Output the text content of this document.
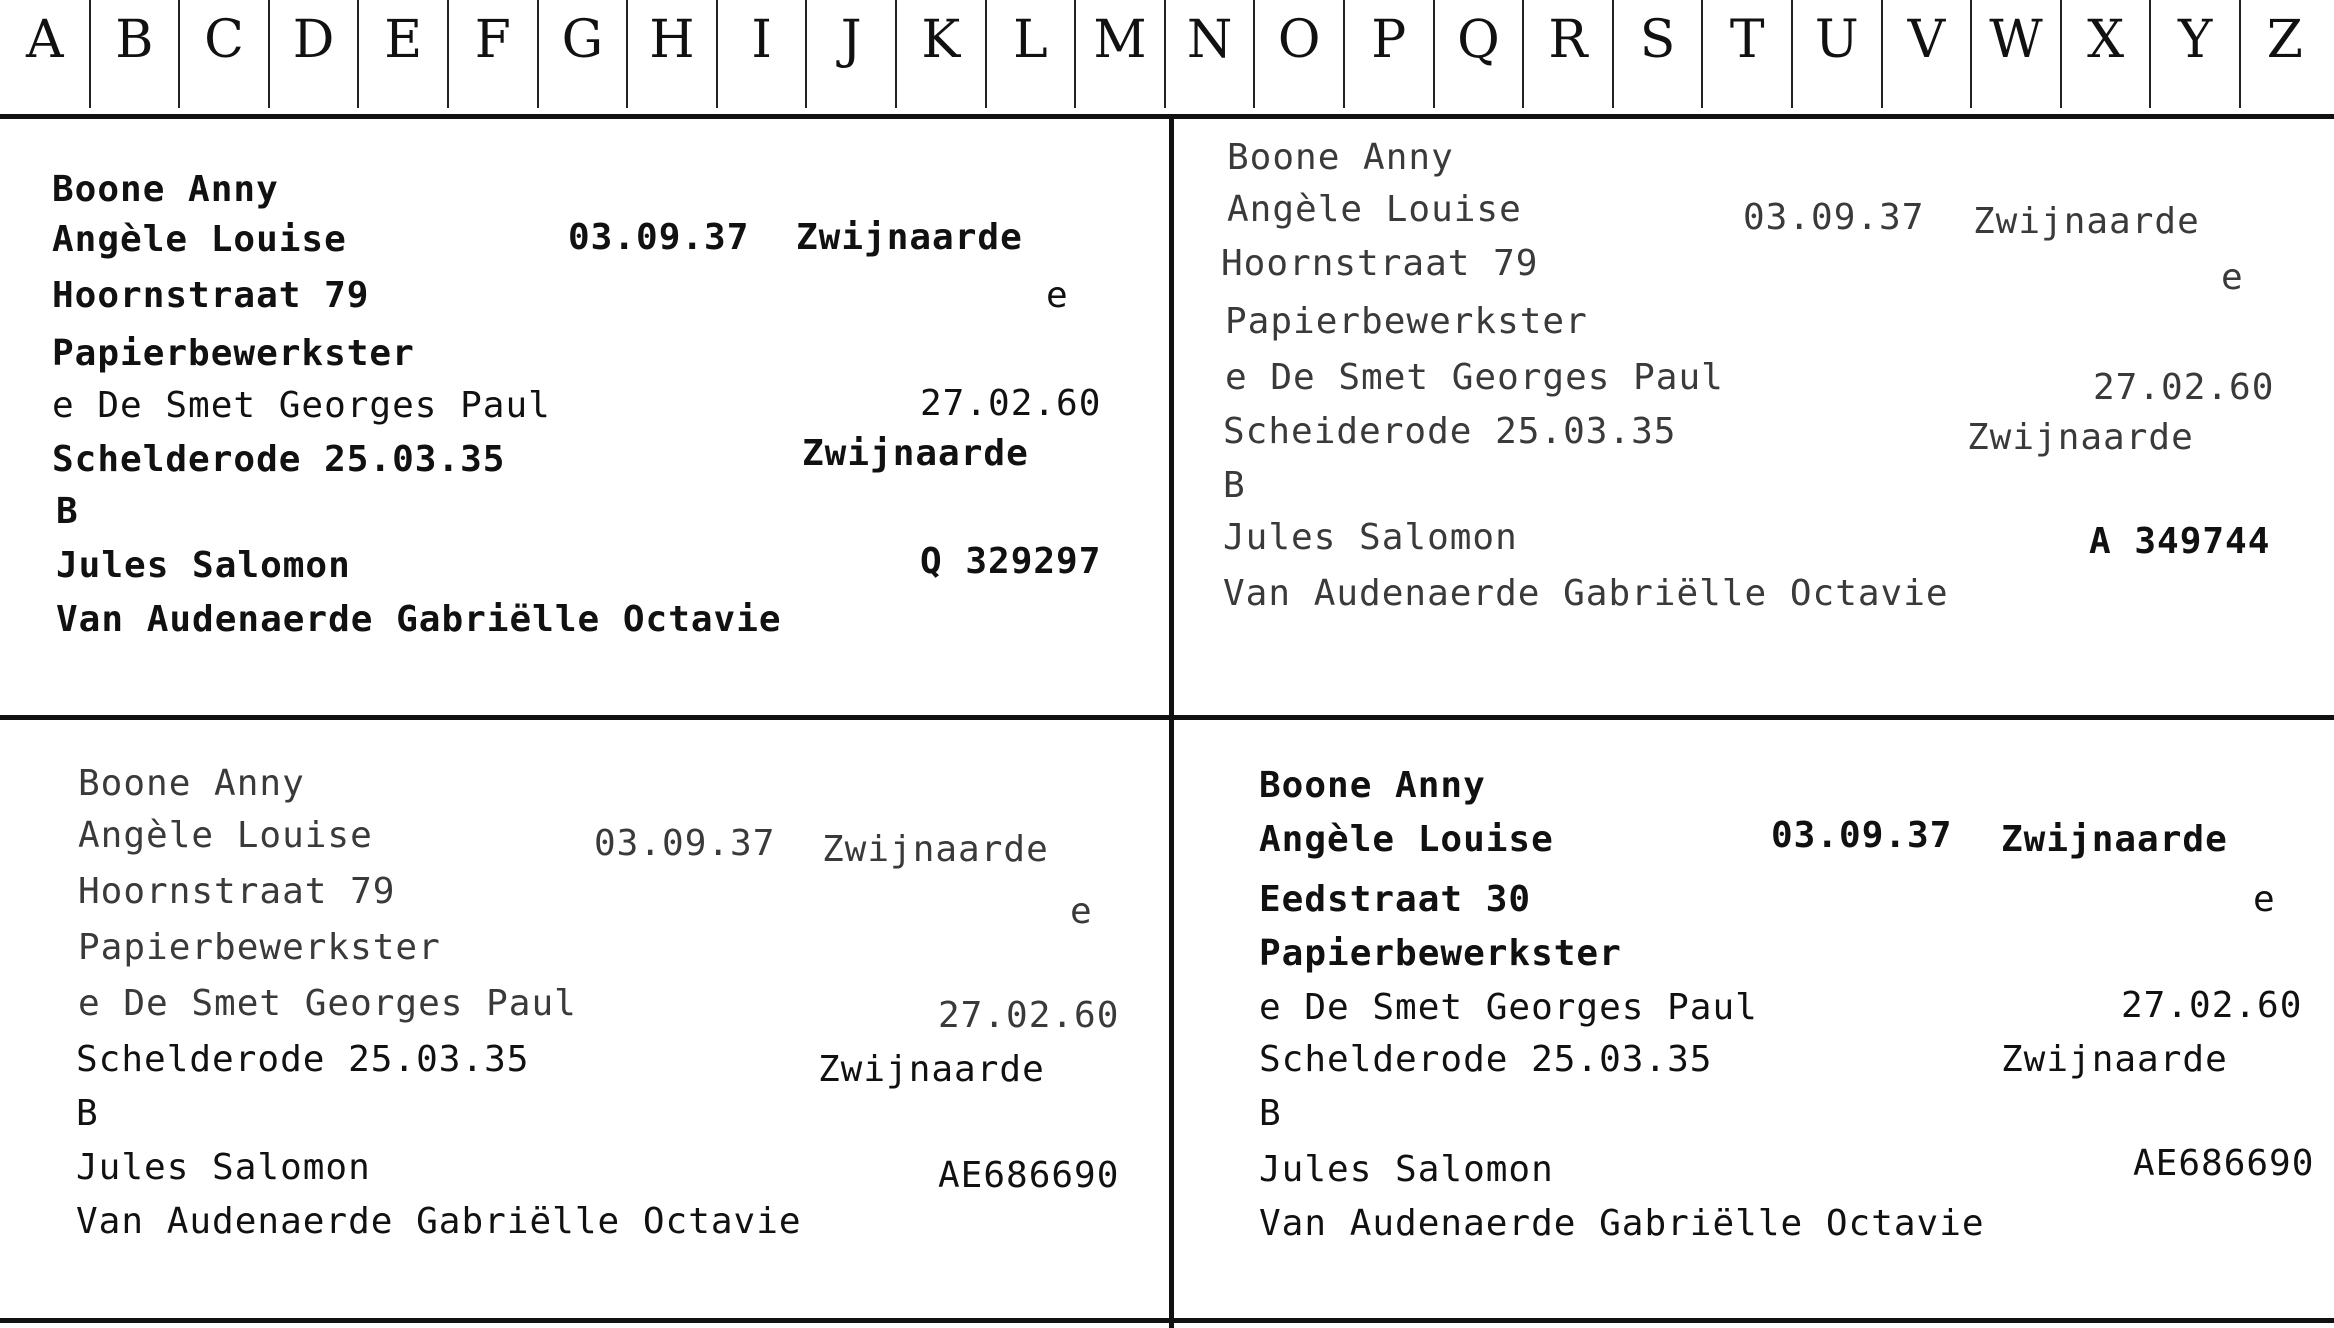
A B C D E	F G H	I	J	K	L M N O P Q R	S	T U V W X	Y	Z
Boone Anny
Angèle Louise	03.09.37 Zwijnaarde
Hoornstraat 79	e
Papierbewerkster
e De Smet Georges Paul	27.02.60
Schelderode 25.03.35	Zwijnaarde
B
Jules Salomon	Q 329297
Van Audenaerde Gabriëlle Octavie
Boone Anny
Angèle Louise	03.09.37 Zwijnaarde
Hoornstraat 79	e
Papierbewerkster
e De Smet Georges Paul	27.02.60
Scheiderode 25.03.35	Zwijnaarde
B
Jules Salomon	A 349744
Van Audenaerde Gabriëlle Octavie
Boone Anny
Angèle Louise	03.09.37 Zwijnaarde
Hoornstraat 79	e
Papierbewerkster
e De Smet Georges Paul	27.02.60
Schelderode 25.03.35	Zwijnaarde
B
Jules Salomon	AE686690
Van Audenaerde Gabriëlle Octavie
Boone Anny
Angèle Louise	03.09.37 Zwijnaarde
Eedstraat 30	e
Papierbewerkster
e De Smet Georges Paul	27.02.60
Schelderode 25.03.35	Zwijnaarde
B
Jules Salomon	AE686690
Van Audenaerde Gabriëlle Octavie
